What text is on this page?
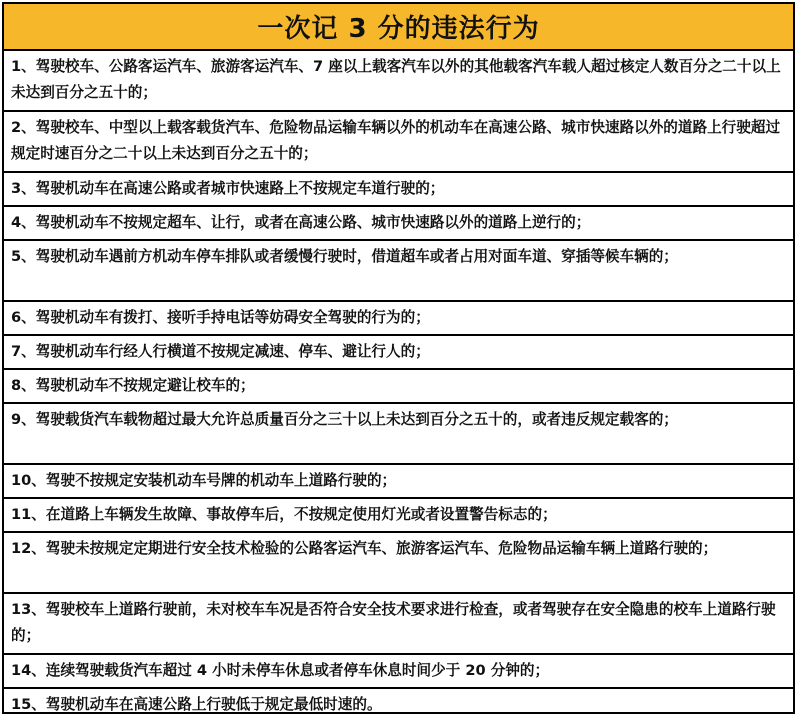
一次记 3 分的违法行为
1、驾驶校车、公路客运汽车、旅游客运汽车、7 座以上载客汽车以外的其他载客汽车载人超过核定人数百分之二十以上未达到百分之五十的；
2、驾驶校车、中型以上载客载货汽车、危险物品运输车辆以外的机动车在高速公路、城市快速路以外的道路上行驶超过规定时速百分之二十以上未达到百分之五十的；
3、驾驶机动车在高速公路或者城市快速路上不按规定车道行驶的；
4、驾驶机动车不按规定超车、让行，或者在高速公路、城市快速路以外的道路上逆行的；
5、驾驶机动车遇前方机动车停车排队或者缓慢行驶时，借道超车或者占用对面车道、穿插等候车辆的；
6、驾驶机动车有拨打、接听手持电话等妨碍安全驾驶的行为的；
7、驾驶机动车行经人行横道不按规定减速、停车、避让行人的；
8、驾驶机动车不按规定避让校车的；
9、驾驶载货汽车载物超过最大允许总质量百分之三十以上未达到百分之五十的，或者违反规定载客的；
10、驾驶不按规定安装机动车号牌的机动车上道路行驶的；
11、在道路上车辆发生故障、事故停车后，不按规定使用灯光或者设置警告标志的；
12、驾驶未按规定定期进行安全技术检验的公路客运汽车、旅游客运汽车、危险物品运输车辆上道路行驶的；
13、驾驶校车上道路行驶前，未对校车车况是否符合安全技术要求进行检查，或者驾驶存在安全隐患的校车上道路行驶的；
14、连续驾驶载货汽车超过 4 小时未停车休息或者停车休息时间少于 20 分钟的；
15、驾驶机动车在高速公路上行驶低于规定最低时速的。
